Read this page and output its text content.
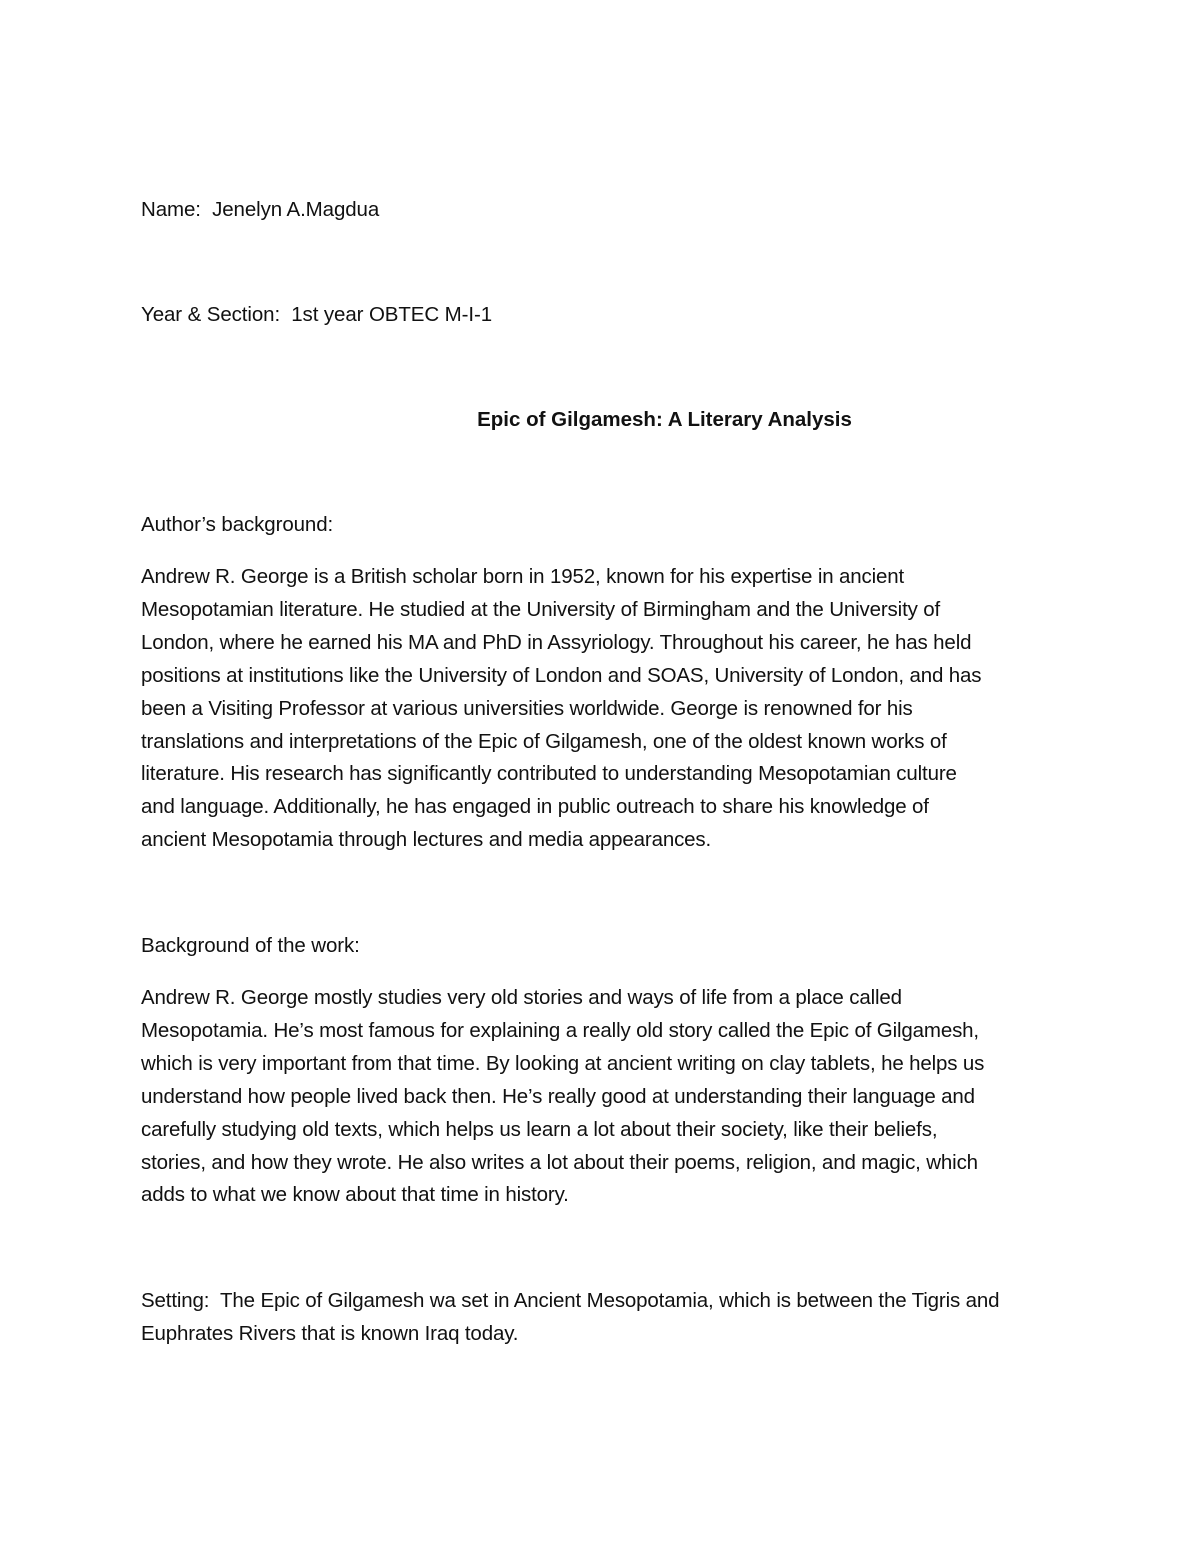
Name:  Jenelyn A.Magdua
Year & Section:  1st year OBTEC M-I-1
Epic of Gilgamesh: A Literary Analysis
Author’s background:
Andrew R. George is a British scholar born in 1952, known for his expertise in ancient
Mesopotamian literature. He studied at the University of Birmingham and the University of
London, where he earned his MA and PhD in Assyriology. Throughout his career, he has held
positions at institutions like the University of London and SOAS, University of London, and has
been a Visiting Professor at various universities worldwide. George is renowned for his
translations and interpretations of the Epic of Gilgamesh, one of the oldest known works of
literature. His research has significantly contributed to understanding Mesopotamian culture
and language. Additionally, he has engaged in public outreach to share his knowledge of
ancient Mesopotamia through lectures and media appearances.
Background of the work:
Andrew R. George mostly studies very old stories and ways of life from a place called
Mesopotamia. He’s most famous for explaining a really old story called the Epic of Gilgamesh,
which is very important from that time. By looking at ancient writing on clay tablets, he helps us
understand how people lived back then. He’s really good at understanding their language and
carefully studying old texts, which helps us learn a lot about their society, like their beliefs,
stories, and how they wrote. He also writes a lot about their poems, religion, and magic, which
adds to what we know about that time in history.
Setting:  The Epic of Gilgamesh wa set in Ancient Mesopotamia, which is between the Tigris and
Euphrates Rivers that is known Iraq today.
